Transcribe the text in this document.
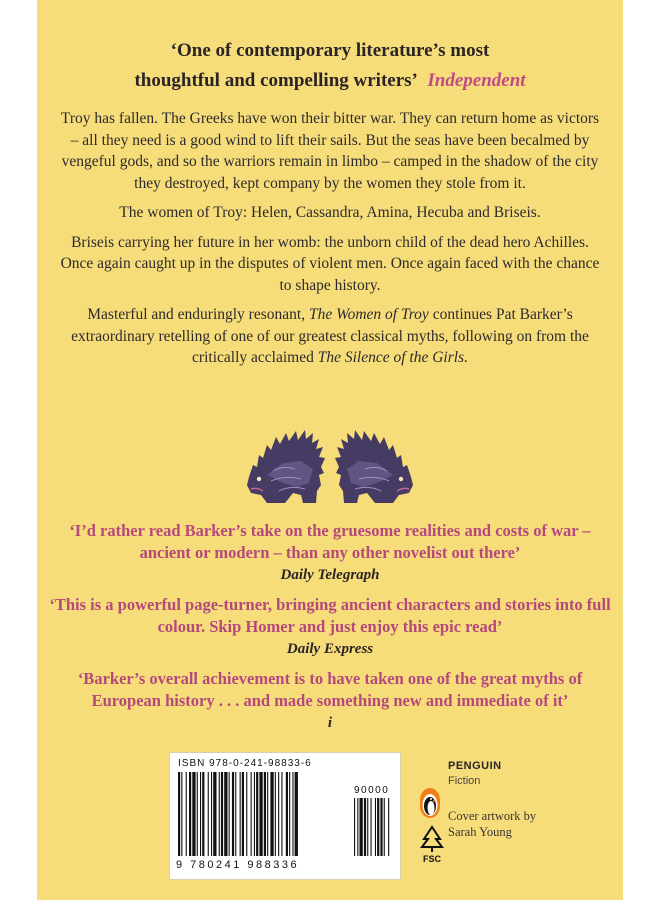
‘One of contemporary literature’s most
thoughtful and compelling writers’ Independent

Troy has fallen. The Greeks have won their bitter war. They can return home as victors – all they need is a good wind to lift their sails. But the seas have been becalmed by vengeful gods, and so the warriors remain in limbo – camped in the shadow of the city they destroyed, kept company by the women they stole from it.

The women of Troy: Helen, Cassandra, Amina, Hecuba and Briseis.

Briseis carrying her future in her womb: the unborn child of the dead hero Achilles. Once again caught up in the disputes of violent men. Once again faced with the chance to shape history.

Masterful and enduringly resonant, The Women of Troy continues Pat Barker’s extraordinary retelling of one of our greatest classical myths, following on from the critically acclaimed The Silence of the Girls.

‘I’d rather read Barker’s take on the gruesome realities and costs of war – ancient or modern – than any other novelist out there’
Daily Telegraph
‘This is a powerful page-turner, bringing ancient characters and stories into full colour. Skip Homer and just enjoy this epic read’
Daily Express
‘Barker’s overall achievement is to have taken one of the great myths of European history . . . and made something new and immediate of it’
i
ISBN 978-0-241-98833-6
90000
9 780241 988336
PENGUIN
Fiction
FSC
Cover artwork by Sarah Young
